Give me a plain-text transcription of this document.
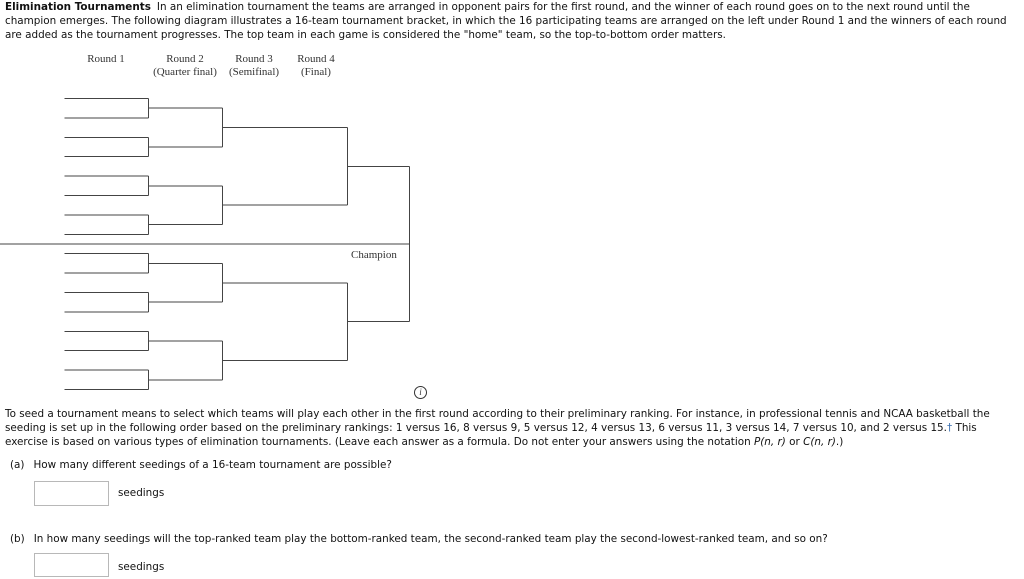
Elimination Tournaments In an elimination tournament the teams are arranged in opponent pairs for the first round, and the winner of each round goes on to the next round until the champion emerges. The following diagram illustrates a 16-team tournament bracket, in which the 16 participating teams are arranged on the left under Round 1 and the winners of each round are added as the tournament progresses. The top team in each game is considered the "home" team, so the top-to-bottom order matters.

Round 1	Round 2
(Quarter final)
Round 3
(Semifinal)
Round 4
(Final)
Champion
i

To seed a tournament means to select which teams will play each other in the first round according to their preliminary ranking. For instance, in professional tennis and NCAA basketball the seeding is set up in the following order based on the preliminary rankings: 1 versus 16, 8 versus 9, 5 versus 12, 4 versus 13, 6 versus 11, 3 versus 14, 7 versus 10, and 2 versus 15.† This exercise is based on various types of elimination tournaments. (Leave each answer as a formula. Do not enter your answers using the notation P(n, r) or C(n, r).)

(a) How many different seedings of a 16-team tournament are possible?
seedings
(b) In how many seedings will the top-ranked team play the bottom-ranked team, the second-ranked team play the second-lowest-ranked team, and so on?
seedings
